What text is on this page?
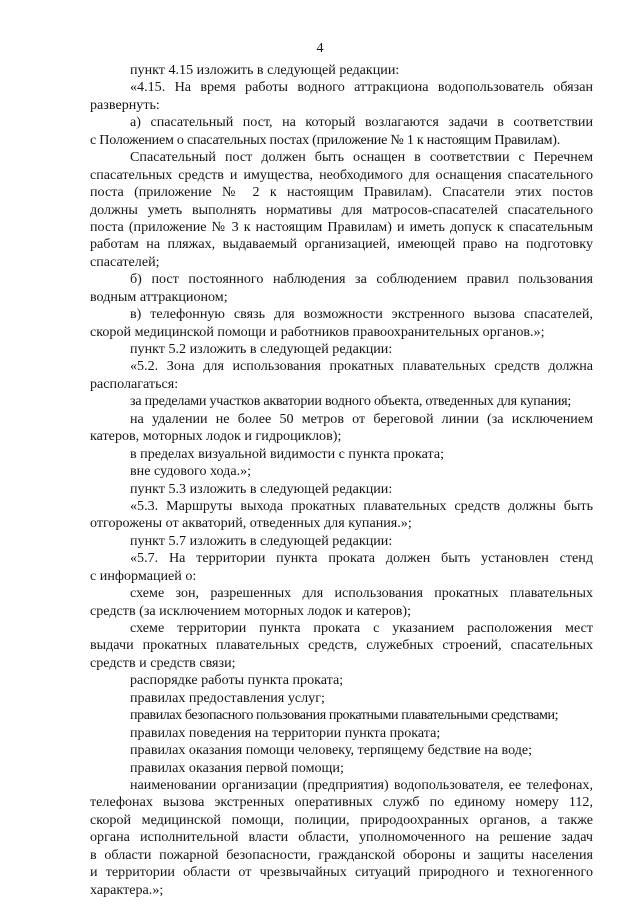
4
пункт 4.15 изложить в следующей редакции:
«4.15. На время работы водного аттракциона водопользователь обязан
развернуть:
а) спасательный пост, на который возлагаются задачи в соответствии
с Положением о спасательных постах (приложение № 1 к настоящим Правилам).
Спасательный пост должен быть оснащен в соответствии с Перечнем
спасательных средств и имущества, необходимого для оснащения спасательного
поста (приложение № 2 к настоящим Правилам). Спасатели этих постов
должны уметь выполнять нормативы для матросов-спасателей спасательного
поста (приложение № 3 к настоящим Правилам) и иметь допуск к спасательным
работам на пляжах, выдаваемый организацией, имеющей право на подготовку
спасателей;
б) пост постоянного наблюдения за соблюдением правил пользования
водным аттракционом;
в) телефонную связь для возможности экстренного вызова спасателей,
скорой медицинской помощи и работников правоохранительных органов.»;
пункт 5.2 изложить в следующей редакции:
«5.2. Зона для использования прокатных плавательных средств должна
располагаться:
за пределами участков акватории водного объекта, отведенных для купания;
на удалении не более 50 метров от береговой линии (за исключением
катеров, моторных лодок и гидроциклов);
в пределах визуальной видимости с пункта проката;
вне судового хода.»;
пункт 5.3 изложить в следующей редакции:
«5.3. Маршруты выхода прокатных плавательных средств должны быть
отгорожены от акваторий, отведенных для купания.»;
пункт 5.7 изложить в следующей редакции:
«5.7. На территории пункта проката должен быть установлен стенд
с информацией о:
схеме зон, разрешенных для использования прокатных плавательных
средств (за исключением моторных лодок и катеров);
схеме территории пункта проката с указанием расположения мест
выдачи прокатных плавательных средств, служебных строений, спасательных
средств и средств связи;
распорядке работы пункта проката;
правилах предоставления услуг;
правилах безопасного пользования прокатными плавательными средствами;
правилах поведения на территории пункта проката;
правилах оказания помощи человеку, терпящему бедствие на воде;
правилах оказания первой помощи;
наименовании организации (предприятия) водопользователя, ее телефонах,
телефонах вызова экстренных оперативных служб по единому номеру 112,
скорой медицинской помощи, полиции, природоохранных органов, а также
органа исполнительной власти области, уполномоченного на решение задач
в области пожарной безопасности, гражданской обороны и защиты населения
и территории области от чрезвычайных ситуаций природного и техногенного
характера.»;
